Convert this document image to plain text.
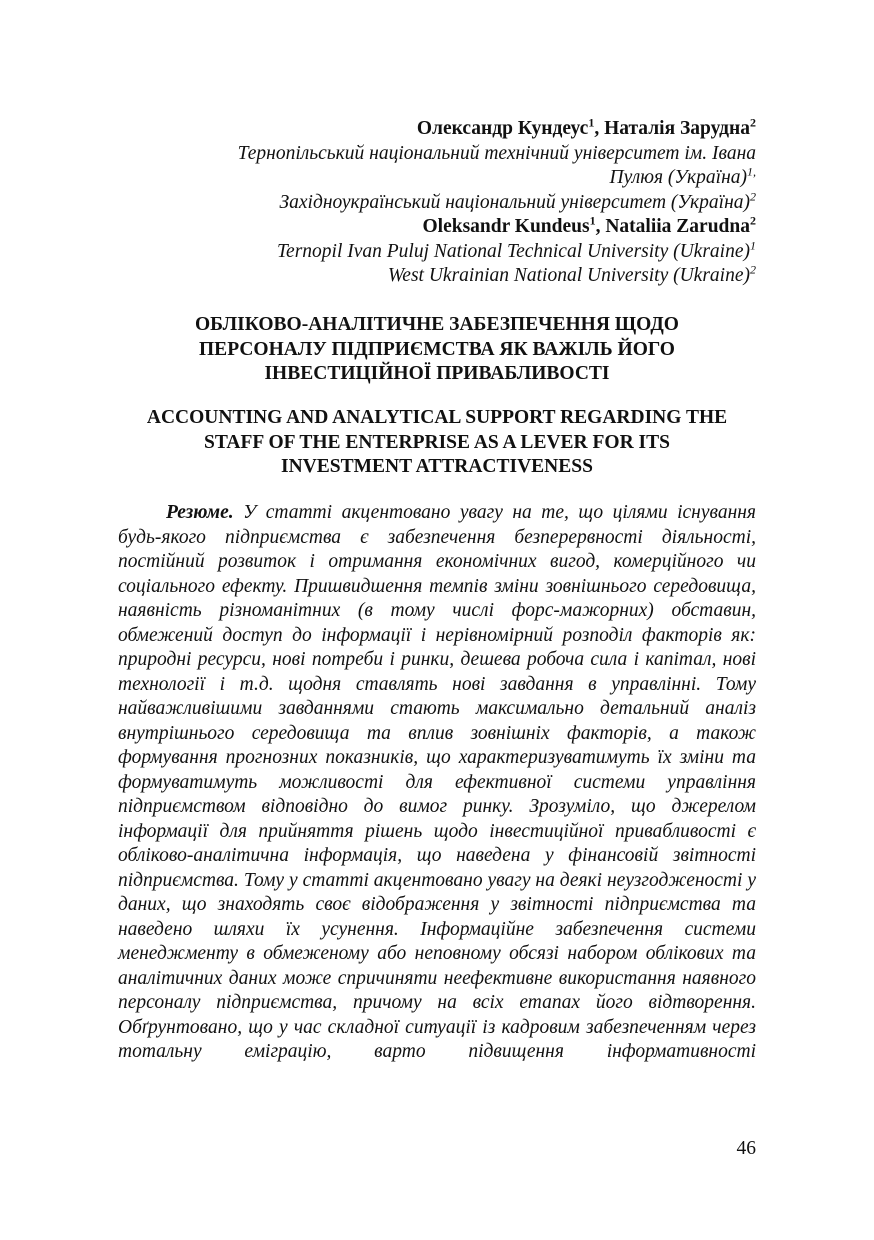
Олександр Кундеус$^1$, Наталія Зарудна$^2$
Тернопільський національний технічний університет ім. Івана
Пулюя (Україна)$^{1,}$
Західноукраїнський національний університет (Україна)$^2$
Oleksandr Kundeus$^1$, Nataliia Zarudna$^2$
Ternopil Ivan Puluj National Technical University (Ukraine)$^1$
West Ukrainian National University (Ukraine)$^2$
ОБЛІКОВО-АНАЛІТИЧНЕ ЗАБЕЗПЕЧЕННЯ ЩОДО
ПЕРСОНАЛУ ПІДПРИЄМСТВА ЯК ВАЖІЛЬ ЙОГО
ІНВЕСТИЦІЙНОЇ ПРИВАБЛИВОСТІ
ACCOUNTING AND ANALYTICAL SUPPORT REGARDING THE
STAFF OF THE ENTERPRISE AS A LEVER FOR ITS
INVESTMENT ATTRACTIVENESS

Резюме. У статті акцентовано увагу на те, що цілями існування будь-якого підприємства є забезпечення безперервності діяльності, постійний розвиток і отримання економічних вигод, комерційного чи соціального ефекту. Пришвидшення темпів зміни зовнішнього середовища, наявність різноманітних (в тому числі форс-мажорних) обставин, обмежений доступ до інформації і нерівномірний розподіл факторів як: природні ресурси, нові потреби і ринки, дешева робоча сила і капітал, нові технології і т.д. щодня ставлять нові завдання в управлінні. Тому найважливішими завданнями стають максимально детальний аналіз внутрішнього середовища та вплив зовнішніх факторів, а також формування прогнозних показників, що характеризуватимуть їх зміни та формуватимуть можливості для ефективної системи управління підприємством відповідно до вимог ринку. Зрозуміло, що джерелом інформації для прийняття рішень щодо інвестиційної привабливості є обліково-аналітична інформація, що наведена у фінансовій звітності підприємства. Тому у статті акцентовано увагу на деякі неузгодженості у даних, що знаходять своє відображення у звітності підприємства та наведено шляхи їх усунення. Інформаційне забезпечення системи менеджменту в обмеженому або неповному обсязі набором облікових та аналітичних даних може спричиняти неефективне використання наявного персоналу підприємства, причому на всіх етапах його відтворення. Обґрунтовано, що у час складної ситуації із кадровим забезпеченням через тотальну еміграцію, варто підвищення інформативності

46
